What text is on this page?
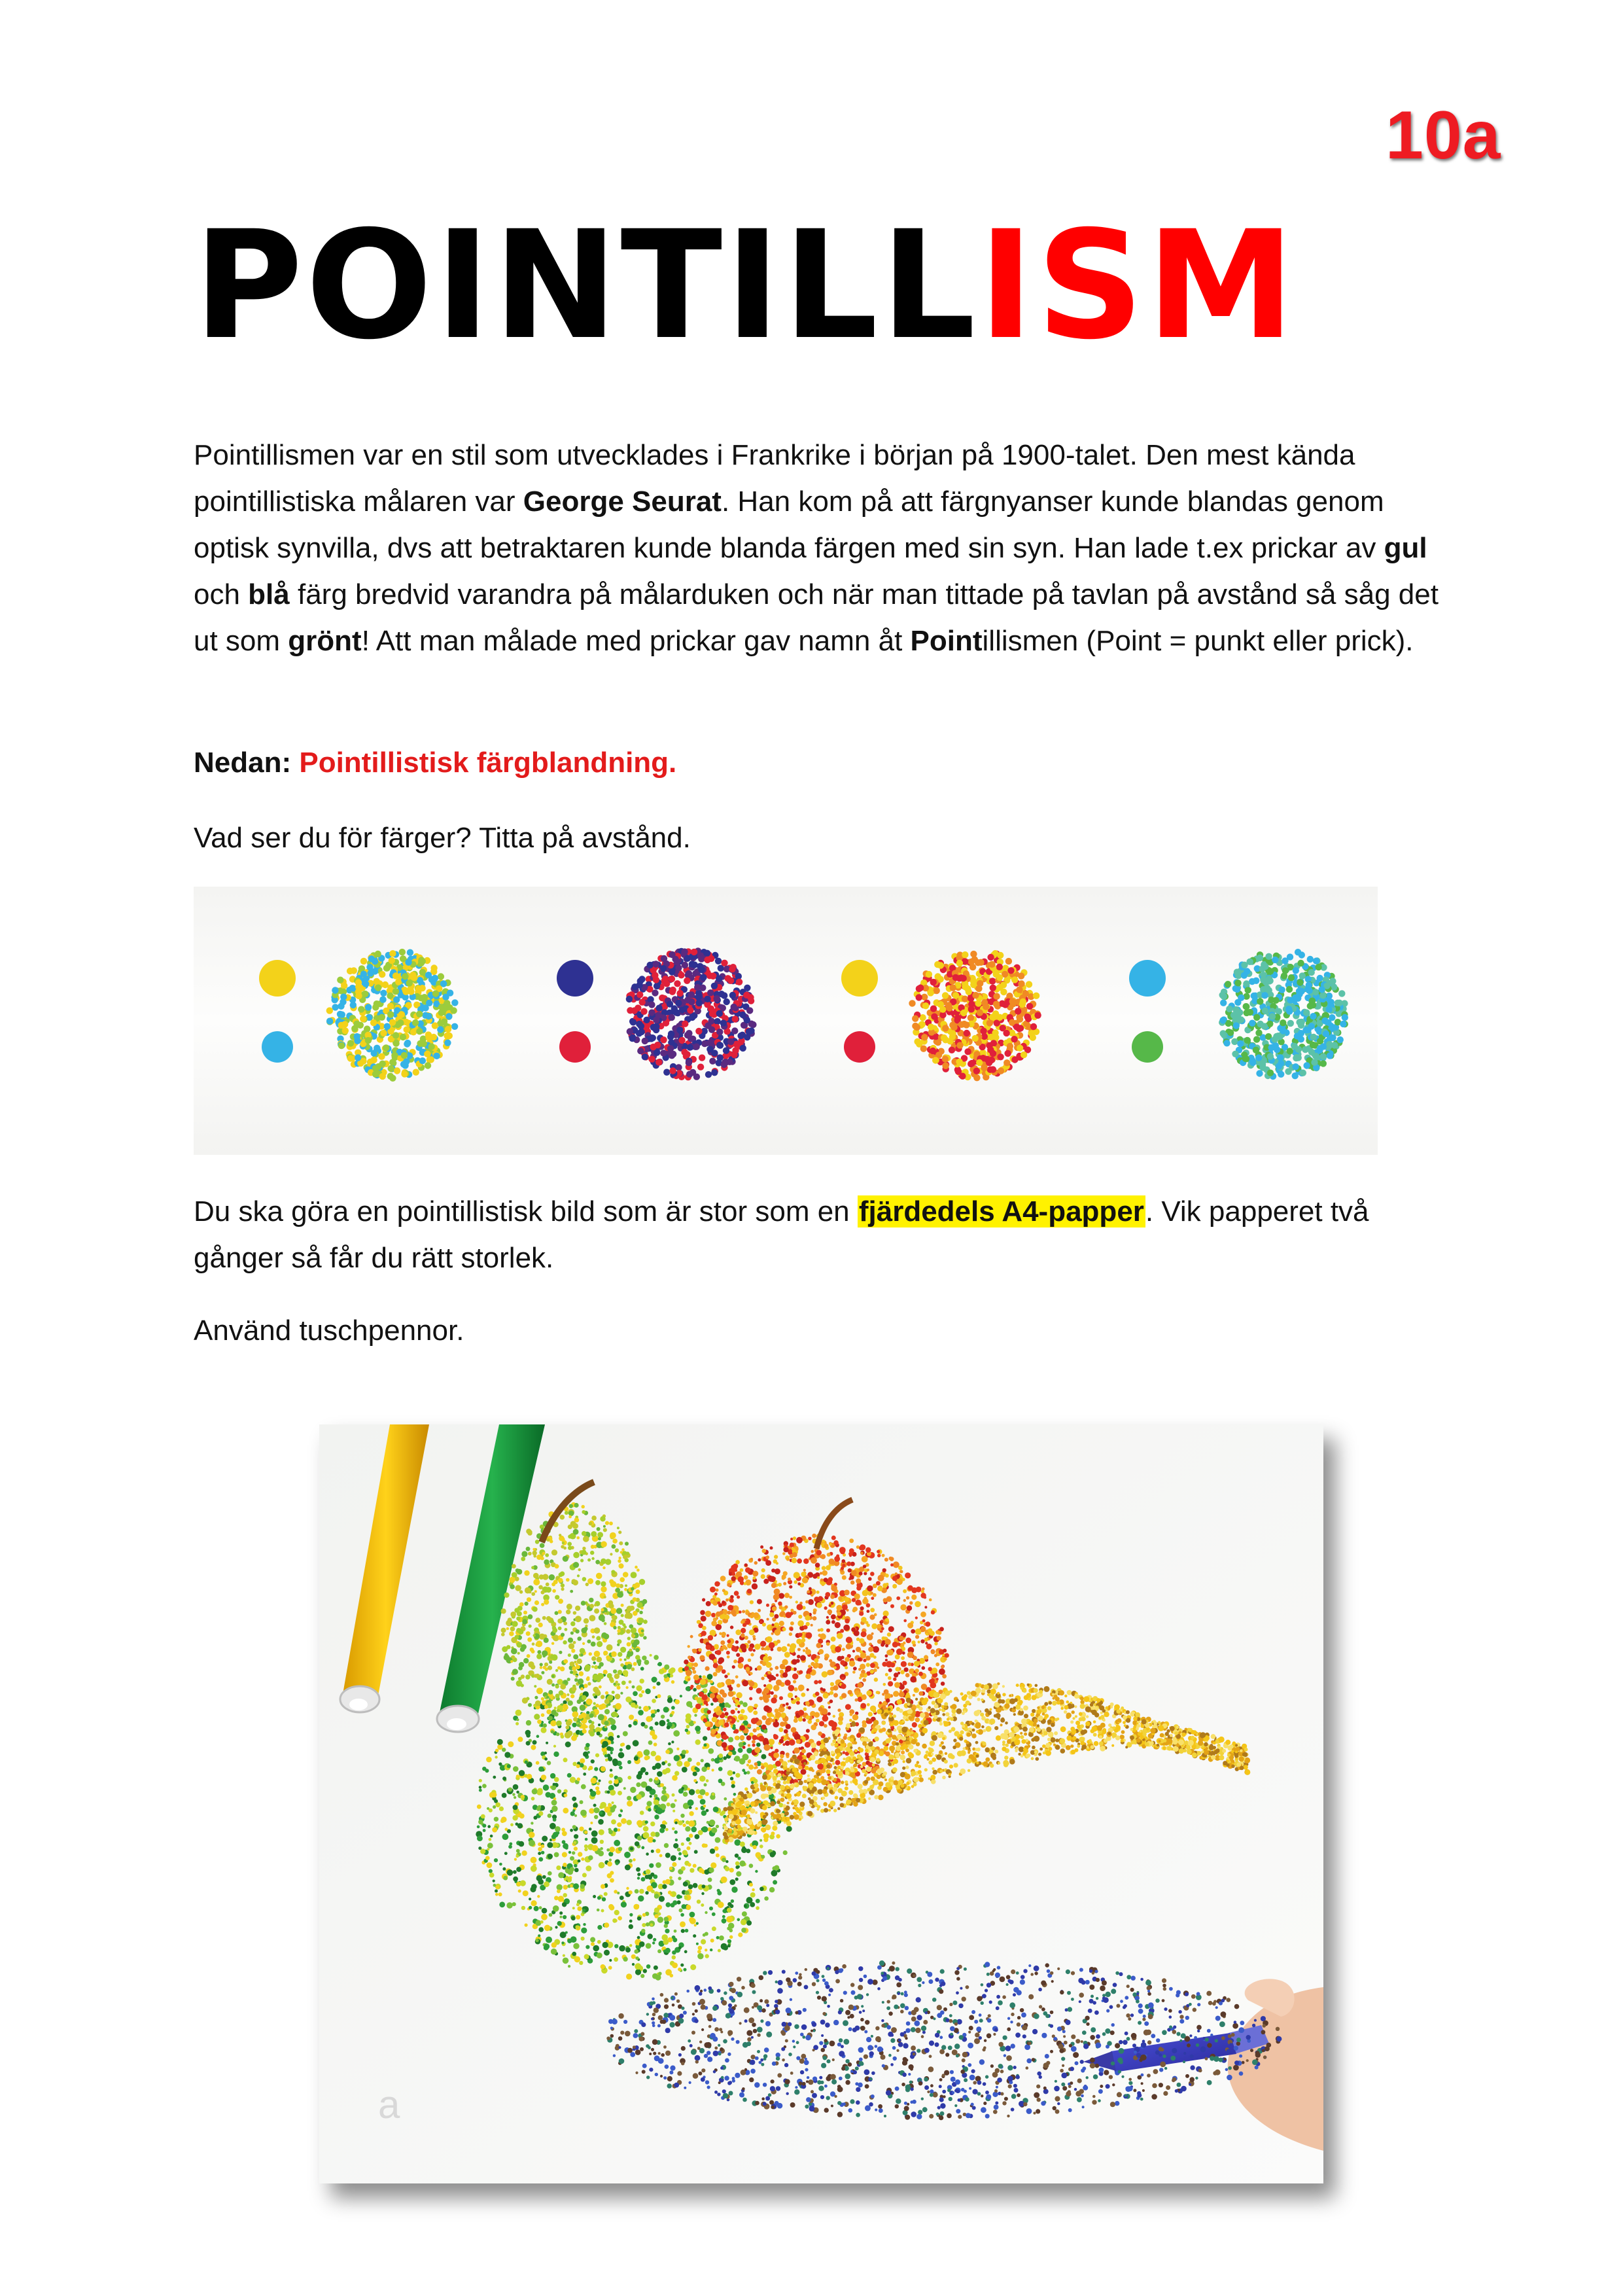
10a
POINTILLISM

Pointillismen var en stil som utvecklades i Frankrike i början på 1900-talet. Den mest kända pointillistiska målaren var George Seurat. Han kom på att färgnyanser kunde blandas genom optisk synvilla, dvs att betraktaren kunde blanda färgen med sin syn. Han lade t.ex prickar av gul och blå färg bredvid varandra på målarduken och när man tittade på tavlan på avstånd så såg det ut som grönt! Att man målade med prickar gav namn åt Pointillismen (Point = punkt eller prick).

Nedan: Pointillistisk färgblandning.

Vad ser du för färger? Titta på avstånd.

Du ska göra en pointillistisk bild som är stor som en fjärdedels A4-papper. Vik papperet två gånger så får du rätt storlek.

Använd tuschpennor.

a
